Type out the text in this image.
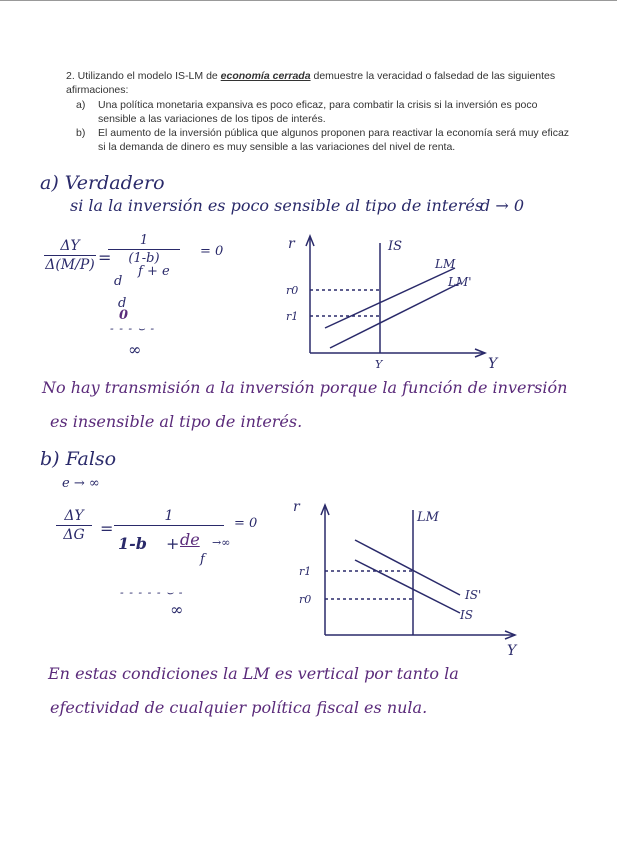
2. Utilizando el modelo IS-LM de economía cerrada demuestre la veracidad o falsedad de las siguientes afirmaciones:

a)	Una política monetaria expansiva es poco eficaz, para combatir la crisis si la inversión es poco sensible a las variaciones de los tipos de interés.
b)	El aumento de la inversión pública que algunos proponen para reactivar la economía será muy eficaz si la demanda de dinero es muy sensible a las variaciones del nivel de renta.
a) Verdadero
si la la inversión es poco sensible al tipo de interés
d → 0
ΔY
Δ(M/P) =
1
(1-b)
d
f + e
= 0
d
0
- - - ⌣ -
∞
r
Y
r0
r1
Y
IS
LM
LM'
No hay transmisión a la inversión porque la función de inversión
es insensible al tipo de interés.
b) Falso
e → ∞
ΔY
ΔG =
1
1-b + de
f
→∞
= 0
- - - - - ⌣ -
∞
r
Y
r1
r0
LM
IS'
IS
En estas condiciones la LM es vertical por tanto la
efectividad de cualquier política fiscal es nula.
